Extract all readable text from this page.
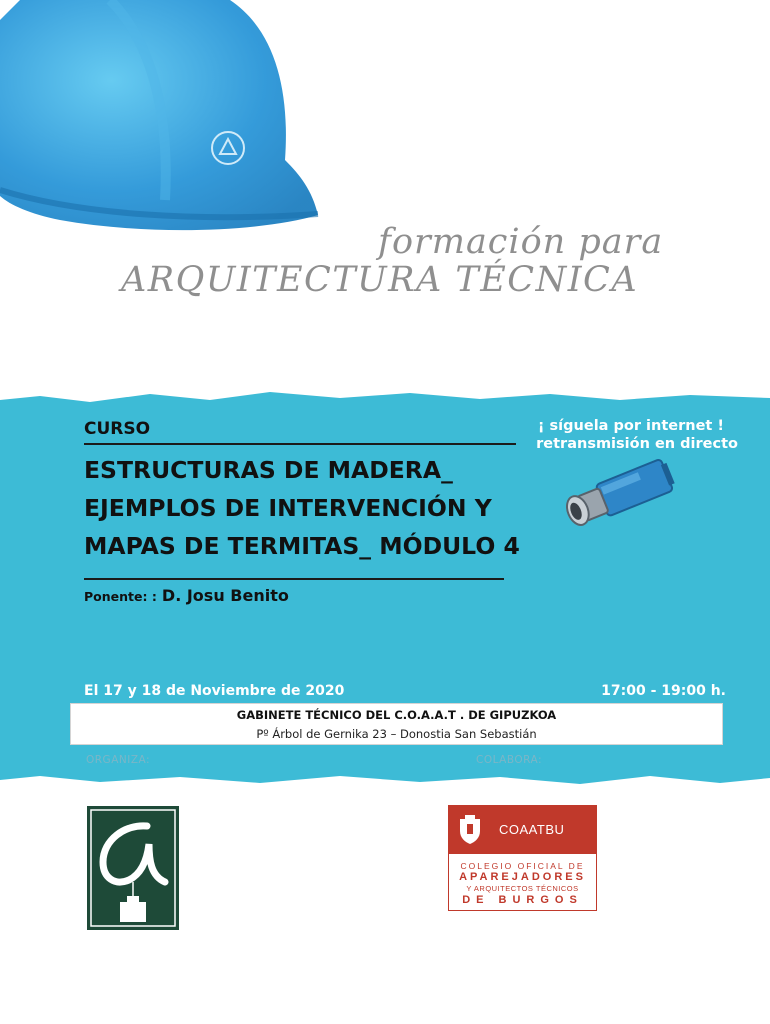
formación para
ARQUITECTURA TÉCNICA
CURSO
ESTRUCTURAS DE MADERA_
EJEMPLOS DE INTERVENCIÓN Y
MAPAS DE TERMITAS_ MÓDULO 4
Ponente: : D. Josu Benito
¡ síguela por internet !
retransmisión en directo
El 17 y 18 de Noviembre de 2020	17:00 - 19:00 h.
GABINETE TÉCNICO DEL C.O.A.A.T . DE GIPUZKOA
Pº Árbol de Gernika 23 – Donostia San Sebastián
ORGANIZA:	COLABORA:
COAATBU
COLEGIO OFICIAL DE
APAREJADORES
Y ARQUITECTOS TÉCNICOS
DE BURGOS
